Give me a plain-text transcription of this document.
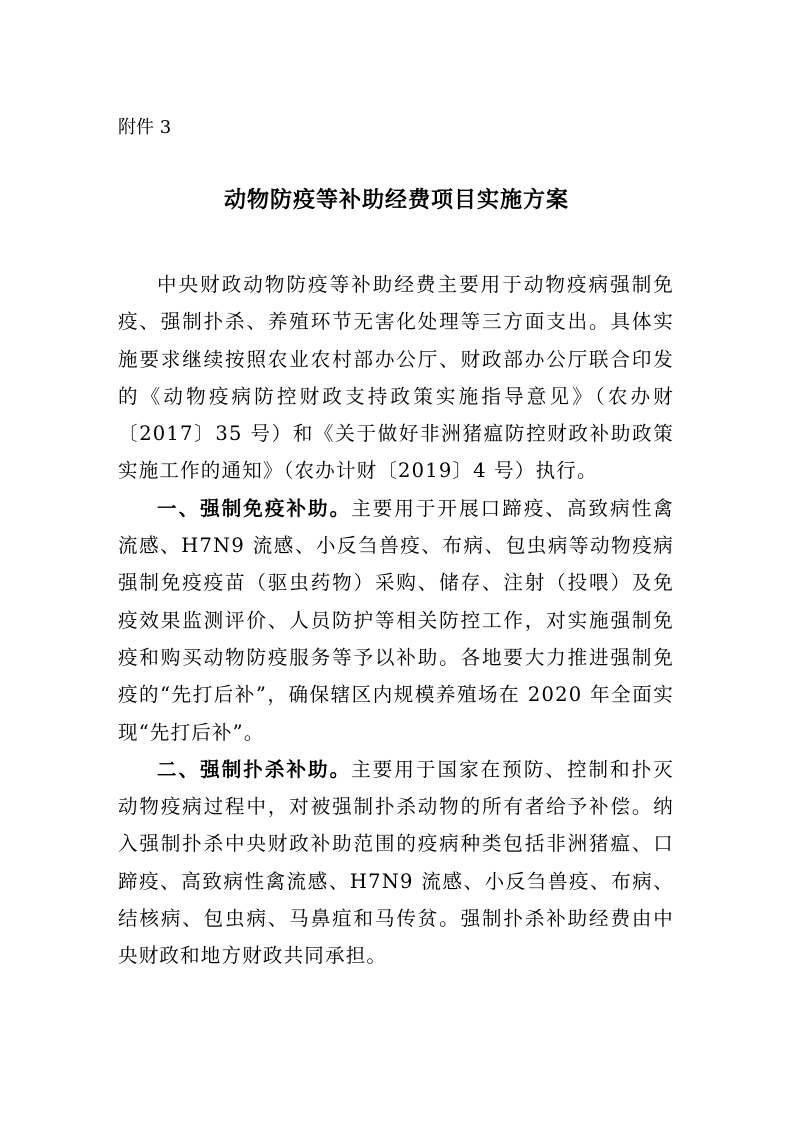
附件 3
动物防疫等补助经费项目实施方案

中央财政动物防疫等补助经费主要用于动物疫病强制免疫、强制扑杀、养殖环节无害化处理等三方面支出。具体实施要求继续按照农业农村部办公厅、财政部办公厅联合印发的《动物疫病防控财政支持政策实施指导意见》（农办财〔2017〕35 号）和《关于做好非洲猪瘟防控财政补助政策实施工作的通知》（农办计财〔2019〕4 号）执行。

一、强制免疫补助。主要用于开展口蹄疫、高致病性禽流感、H7N9 流感、小反刍兽疫、布病、包虫病等动物疫病强制免疫疫苗（驱虫药物）采购、储存、注射（投喂）及免疫效果监测评价、人员防护等相关防控工作，对实施强制免疫和购买动物防疫服务等予以补助。各地要大力推进强制免疫的“先打后补”，确保辖区内规模养殖场在 2020 年全面实现“先打后补”。

二、强制扑杀补助。主要用于国家在预防、控制和扑灭动物疫病过程中，对被强制扑杀动物的所有者给予补偿。纳入强制扑杀中央财政补助范围的疫病种类包括非洲猪瘟、口蹄疫、高致病性禽流感、H7N9 流感、小反刍兽疫、布病、结核病、包虫病、马鼻疽和马传贫。强制扑杀补助经费由中央财政和地方财政共同承担。
